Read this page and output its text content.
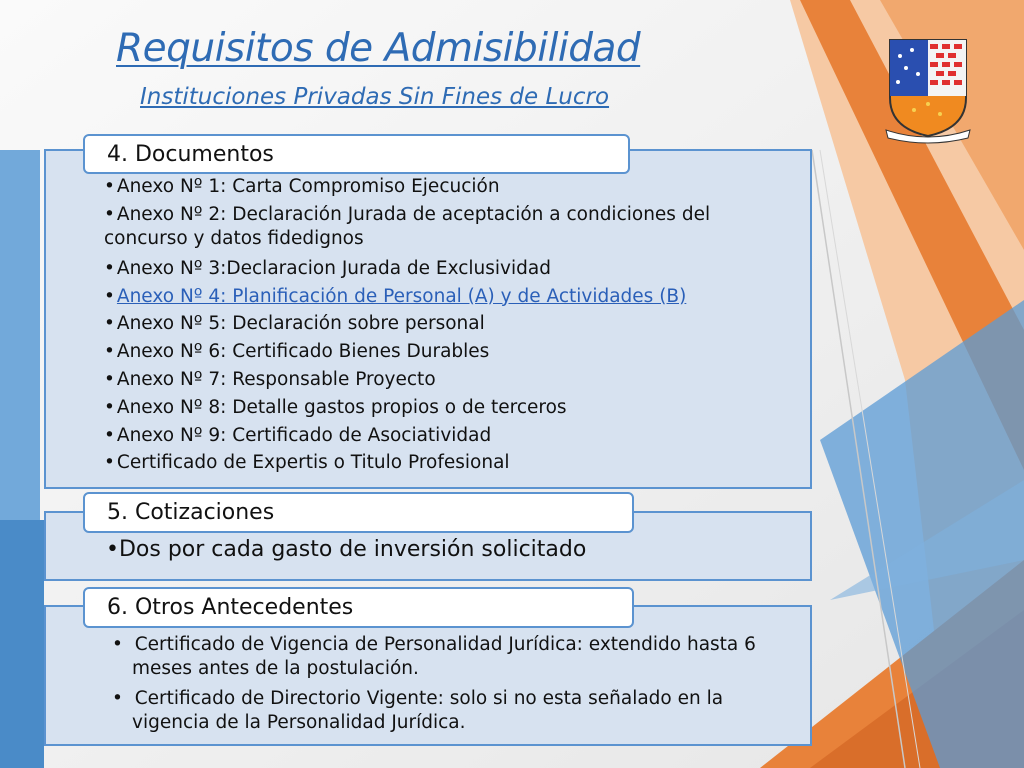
Requisitos de Admisibilidad
Instituciones Privadas Sin Fines de Lucro
• Anexo Nº 1: Carta Compromiso Ejecución
• Anexo Nº 2: Declaración Jurada de aceptación a condiciones del concurso y datos fidedignos
• Anexo Nº 3:Declaracion Jurada de Exclusividad
• Anexo Nº 4: Planificación de Personal (A) y de Actividades (B)
• Anexo Nº 5: Declaración sobre personal
• Anexo Nº 6: Certificado Bienes Durables
• Anexo Nº 7: Responsable Proyecto
• Anexo Nº 8: Detalle gastos propios o de terceros
• Anexo Nº 9: Certificado de Asociatividad
• Certificado de Expertis o Titulo Profesional
4. Documentos
•Dos por cada gasto de inversión solicitado
5. Cotizaciones
• Certificado de Vigencia de Personalidad Jurídica: extendido hasta 6 meses antes de la postulación.
• Certificado de Directorio Vigente: solo si no esta señalado en la vigencia de la Personalidad Jurídica.
6. Otros Antecedentes
